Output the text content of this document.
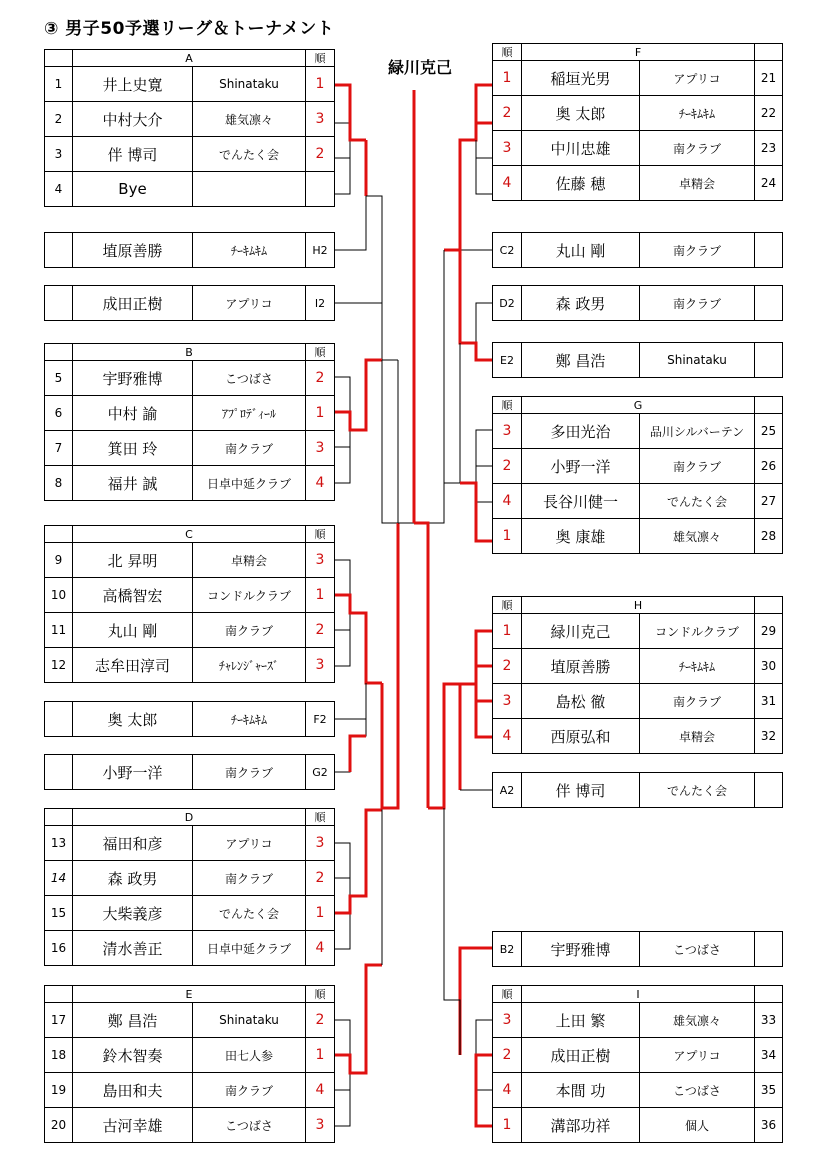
③ 男子50予選リーグ＆トーナメント
緑川克己
	A		順
1	井上史寛	Shinataku	1
2	中村大介	雄気凛々	3
3	伴 博司	でんたく会	2
4	Bye		
	埴原善勝	ﾁｰｷﾑｷﾑ	H2
	成田正樹	アプリコ	I2
	B		順
5	宇野雅博	こつばさ	2
6	中村 諭	ｱﾌﾟﾛﾃﾞｨｰﾙ	1
7	箕田 玲	南クラブ	3
8	福井 誠	日卓中延クラブ	4
	C		順
9	北 昇明	卓精会	3
10	高橋智宏	コンドルクラブ	1
11	丸山 剛	南クラブ	2
12	志牟田淳司	ﾁｬﾚﾝｼﾞｬｰｽﾞ	3
	奥 太郎	ﾁｰｷﾑｷﾑ	F2
	小野一洋	南クラブ	G2
	D		順
13	福田和彦	アプリコ	3
14	森 政男	南クラブ	2
15	大柴義彦	でんたく会	1
16	清水善正	日卓中延クラブ	4
	E		順
17	鄭 昌浩	Shinataku	2
18	鈴木智奏	田七人参	1
19	島田和夫	南クラブ	4
20	古河幸雄	こつばさ	3
順	F		
1	稲垣光男	アプリコ	21
2	奥 太郎	ﾁｰｷﾑｷﾑ	22
3	中川忠雄	南クラブ	23
4	佐藤 穂	卓精会	24
C2	丸山 剛	南クラブ	
D2	森 政男	南クラブ	
E2	鄭 昌浩	Shinataku	
順	G		
3	多田光治	品川シルバーテン	25
2	小野一洋	南クラブ	26
4	長谷川健一	でんたく会	27
1	奥 康雄	雄気凛々	28
順	H		
1	緑川克己	コンドルクラブ	29
2	埴原善勝	ﾁｰｷﾑｷﾑ	30
3	島松 徹	南クラブ	31
4	西原弘和	卓精会	32
A2	伴 博司	でんたく会	
B2	宇野雅博	こつばさ	
順	I		
3	上田 繁	雄気凛々	33
2	成田正樹	アプリコ	34
4	本間 功	こつばさ	35
1	溝部功祥	個人	36
